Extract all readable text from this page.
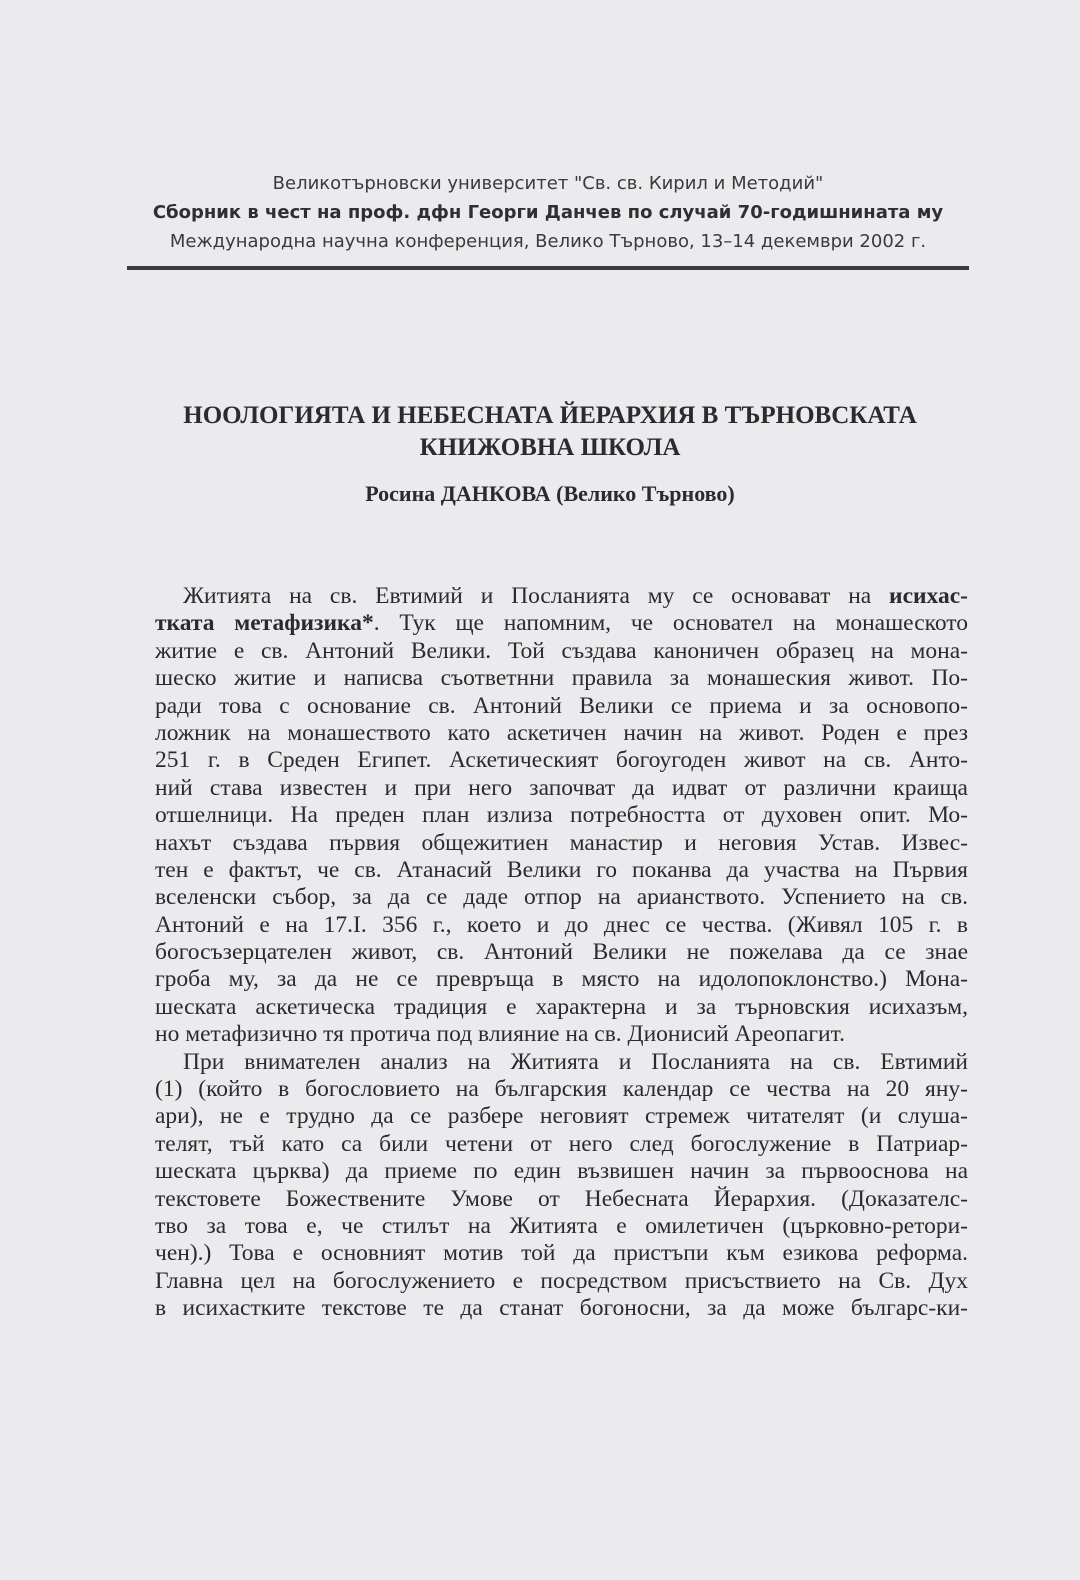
Великотърновски университет "Св. св. Кирил и Методий"
Сборник в чест на проф. дфн Георги Данчев по случай 70-годишнината му
Международна научна конференция, Велико Търново, 13–14 декември 2002 г.
НООЛОГИЯТА И НЕБЕСНАТА ЙЕРАРХИЯ В ТЪРНОВСКАТА
КНИЖОВНА ШКОЛА
Росина ДАНКОВА (Велико Търново)
Житията на св. Евтимий и Посланията му се основават на исихас-
тката метафизика*. Тук ще напомним, че основател на монашеското
житие е св. Антоний Велики. Той създава каноничен образец на мона-
шеско житие и написва съответнни правила за монашеския живот. По-
ради това с основание св. Антоний Велики се приема и за основопо-
ложник на монашеството като аскетичен начин на живот. Роден е през
251 г. в Среден Египет. Аскетическият богоугоден живот на св. Анто-
ний става известен и при него започват да идват от различни краища
отшелници. На преден план излиза потребността от духовен опит. Мо-
нахът създава първия общежитиен манастир и неговия Устав. Извес-
тен е фактът, че св. Атанасий Велики го поканва да участва на Първия
вселенски събор, за да се даде отпор на арианството. Успението на св.
Антоний е на 17.I. 356 г., което и до днес се чества. (Живял 105 г. в
богосъзерцателен живот, св. Антоний Велики не пожелава да се знае
гроба му, за да не се превръща в място на идолопоклонство.) Мона-
шеската аскетическа традиция е характерна и за търновския исихазъм,
но метафизично тя протича под влияние на св. Дионисий Ареопагит.
При внимателен анализ на Житията и Посланията на св. Евтимий
(1) (който в богословието на българския календар се чества на 20 яну-
ари), не е трудно да се разбере неговият стремеж читателят (и слуша-
телят, тъй като са били четени от него след богослужение в Патриар-
шеската църква) да приеме по един възвишен начин за първооснова на
текстовете Божествените Умове от Небесната Йерархия. (Доказателс-
тво за това е, че стилът на Житията е омилетичен (църковно-ретори-
чен).) Това е основният мотив той да пристъпи към езикова реформа.
Главна цел на богослужението е посредством присъствието на Св. Дух
в исихастките текстове те да станат богоносни, за да може българс-ки-
